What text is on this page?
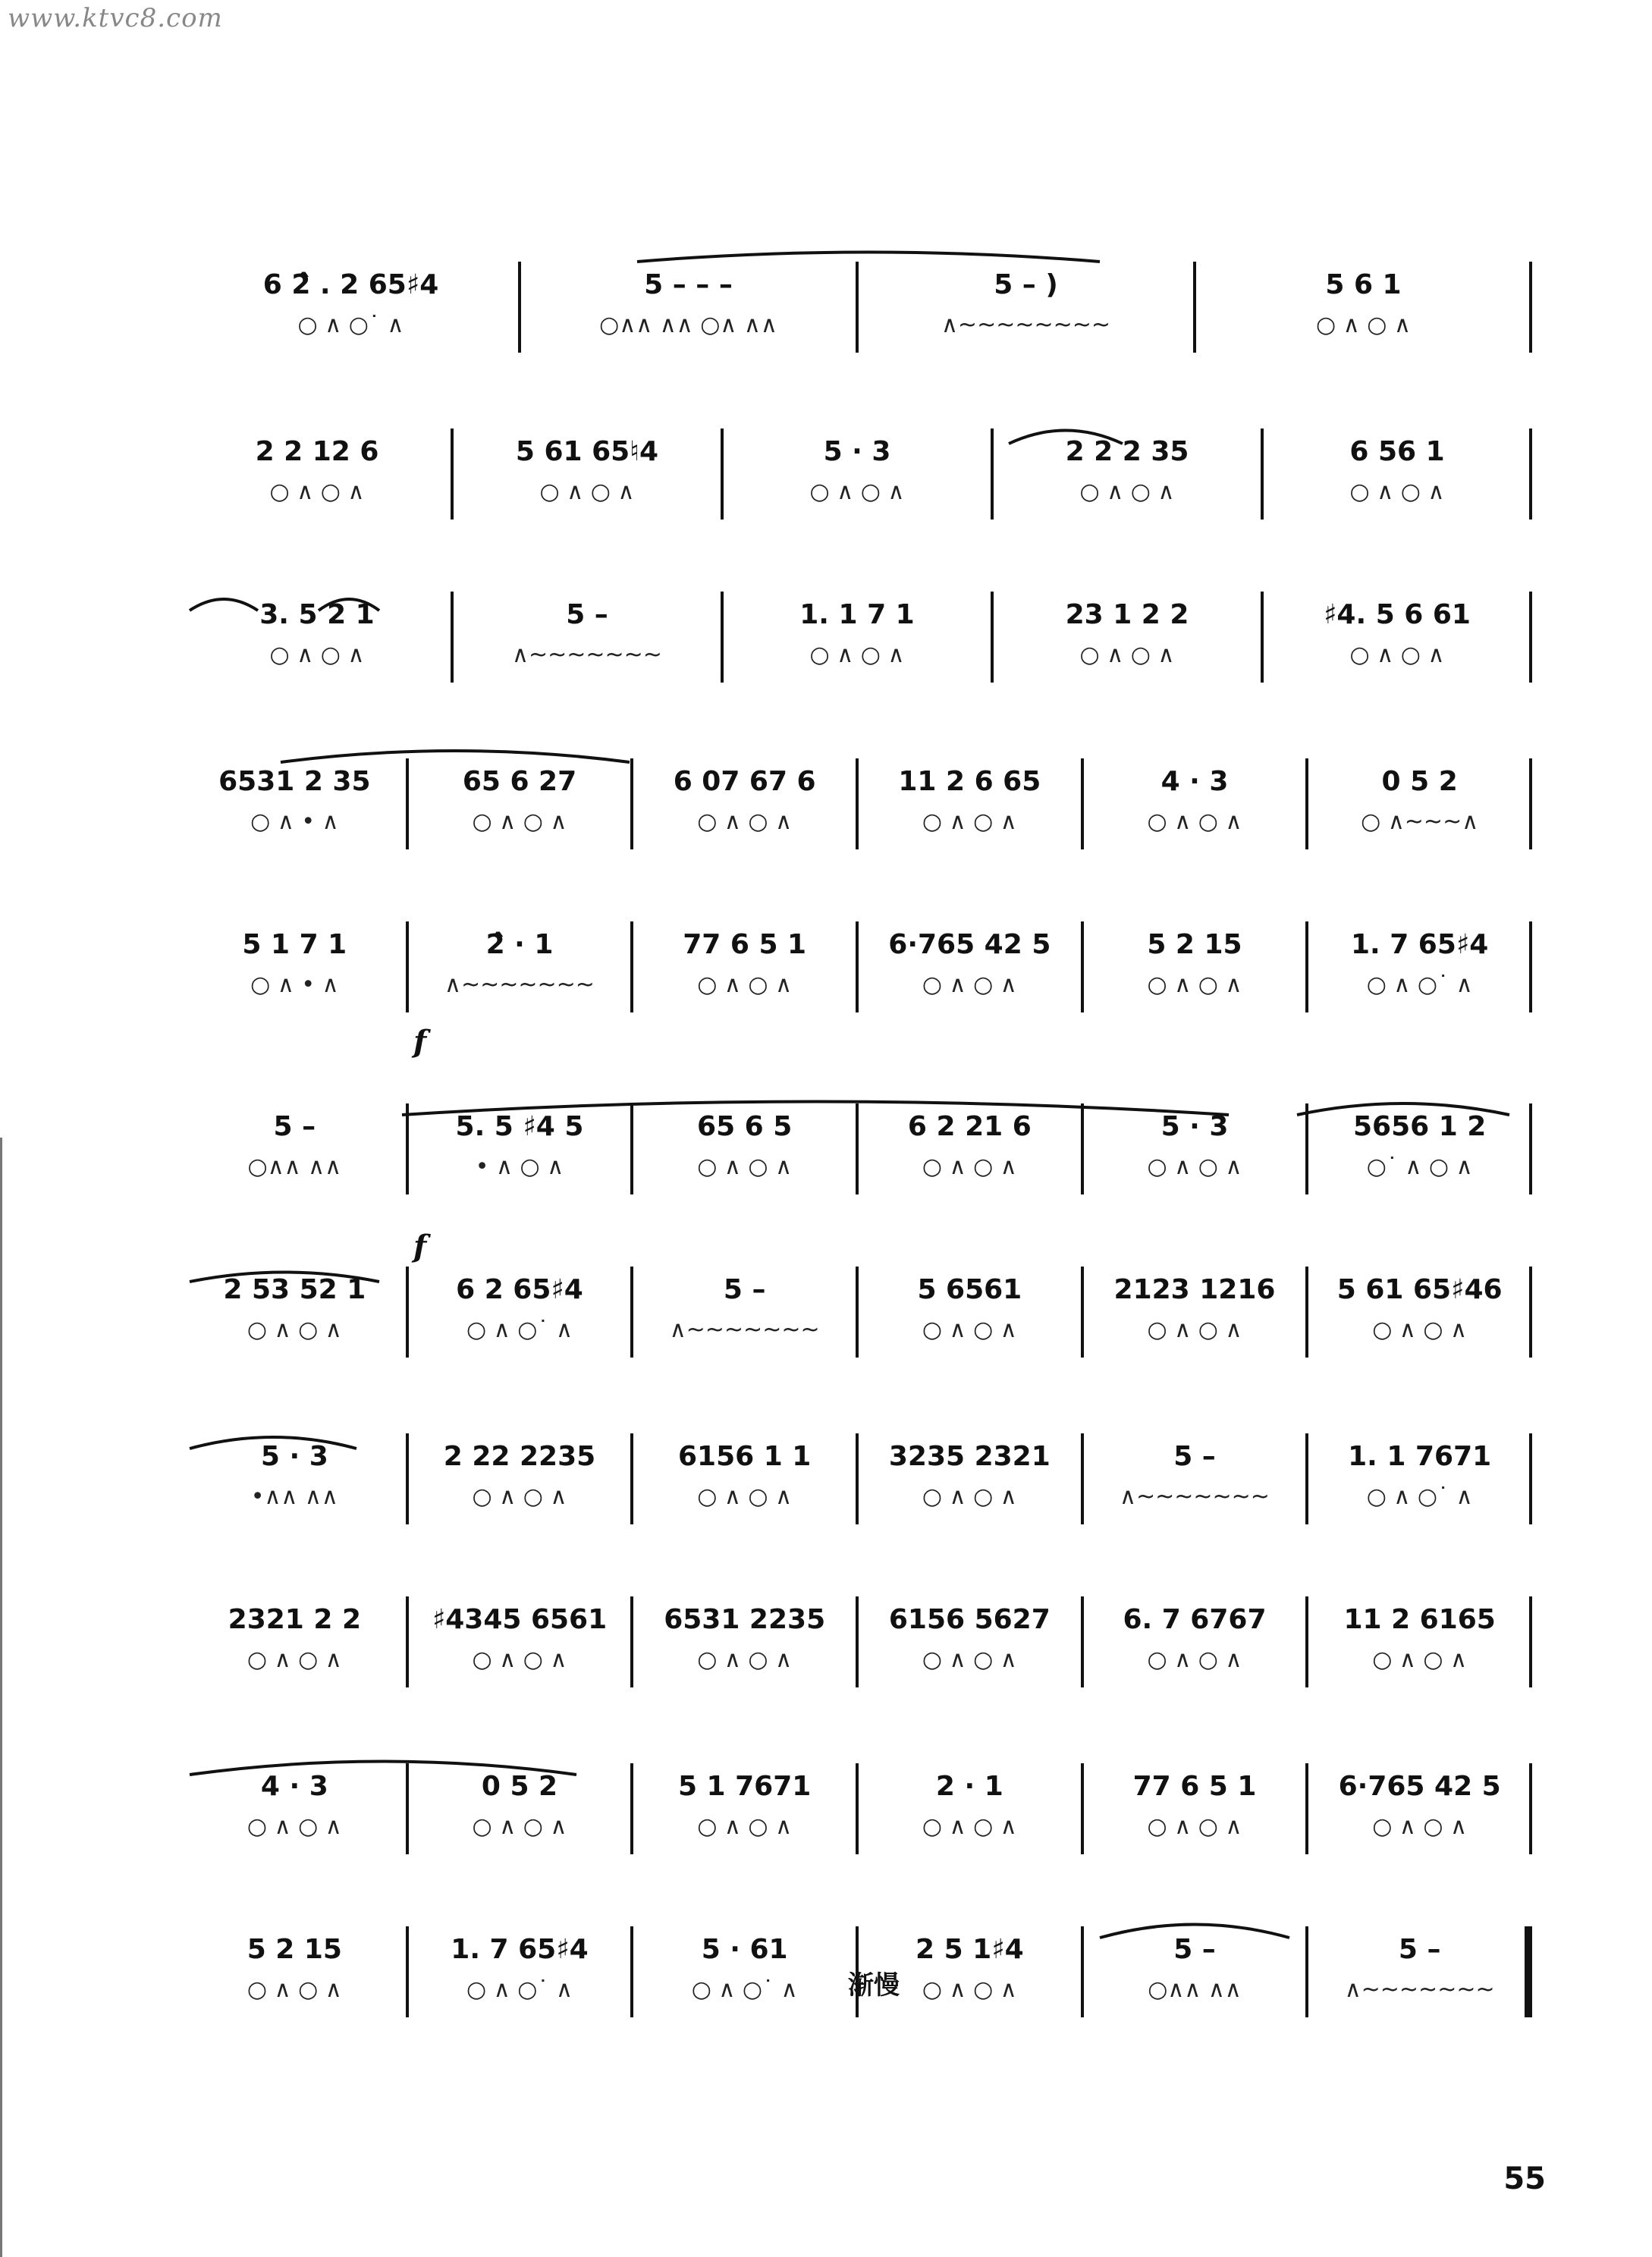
www.ktvc8.com
6 2̂ . 2 65♯4
○ ∧ ○˙ ∧
5 – – –
○∧∧ ∧∧ ○∧ ∧∧
5 – )
∧~~~~~~~~
5 6 1
○ ∧ ○ ∧
2 2 12 6
○ ∧ ○ ∧
5 61 65♮4
○ ∧ ○ ∧
5 · 3
○ ∧ ○ ∧
2 2 2 35
○ ∧ ○ ∧
6 56 1
○ ∧ ○ ∧
3. 5 2 1
○ ∧ ○ ∧
5 –
∧~~~~~~~
1. 1 7 1
○ ∧ ○ ∧
23 1 2 2
○ ∧ ○ ∧
♯4. 5 6 61
○ ∧ ○ ∧
6531 2 35
○ ∧ • ∧
65 6 27
○ ∧ ○ ∧
6 07 67 6
○ ∧ ○ ∧
11 2 6 65
○ ∧ ○ ∧
4 · 3
○ ∧ ○ ∧
0 5 2
○ ∧~~~∧
5 1 7 1
○ ∧ • ∧
2̂ · 1
∧~~~~~~~
77 6 5 1
○ ∧ ○ ∧
6·765 42 5
○ ∧ ○ ∧
5 2 15
○ ∧ ○ ∧
1. 7 65♯4
○ ∧ ○˙ ∧
5 –
○∧∧ ∧∧
5. 5 ♯4 5
• ∧ ○ ∧
65 6 5
○ ∧ ○ ∧
6 2 21 6
○ ∧ ○ ∧
5 · 3
○ ∧ ○ ∧
5656 1 2
○˙ ∧ ○ ∧
2 53 52 1
○ ∧ ○ ∧
6 2 65♯4
○ ∧ ○˙ ∧
5 –
∧~~~~~~~
5 6561
○ ∧ ○ ∧
2123 1216
○ ∧ ○ ∧
5 61 65♯46
○ ∧ ○ ∧
5 · 3
•∧∧ ∧∧
2 22 2235
○ ∧ ○ ∧
6156 1 1
○ ∧ ○ ∧
3235 2321
○ ∧ ○ ∧
5 –
∧~~~~~~~
1. 1 7671
○ ∧ ○˙ ∧
2321 2 2
○ ∧ ○ ∧
♯4345 6561
○ ∧ ○ ∧
6531 2235
○ ∧ ○ ∧
6156 5627
○ ∧ ○ ∧
6. 7 6767
○ ∧ ○ ∧
11 2 6165
○ ∧ ○ ∧
4 · 3
○ ∧ ○ ∧
0 5 2
○ ∧ ○ ∧
5 1 7671
○ ∧ ○ ∧
2 · 1
○ ∧ ○ ∧
77 6 5 1
○ ∧ ○ ∧
6·765 42 5
○ ∧ ○ ∧
5 2 15
○ ∧ ○ ∧
1. 7 65♯4
○ ∧ ○˙ ∧
5 · 61
○ ∧ ○˙ ∧
2 5 1♯4
○ ∧ ○ ∧
5 –
○∧∧ ∧∧
5 –
∧~~~~~~~
f
f
渐慢
55
